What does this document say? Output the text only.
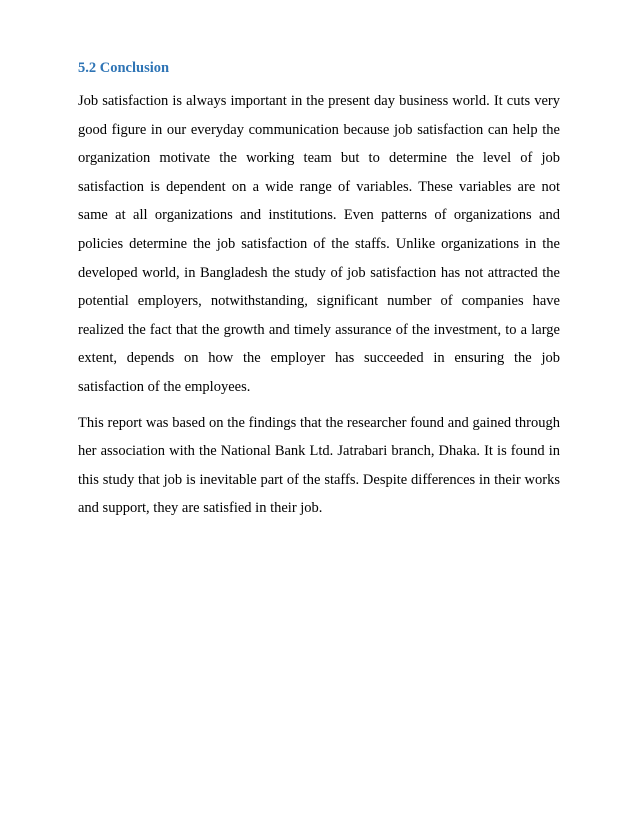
5.2 Conclusion

Job satisfaction is always important in the present day business world. It cuts very good figure in our everyday communication because job satisfaction can help the organization motivate the working team but to determine the level of job satisfaction is dependent on a wide range of variables. These variables are not same at all organizations and institutions. Even patterns of organizations and policies determine the job satisfaction of the staffs. Unlike organizations in the developed world, in Bangladesh the study of job satisfaction has not attracted the potential employers, notwithstanding, significant number of companies have realized the fact that the growth and timely assurance of the investment, to a large extent, depends on how the employer has succeeded in ensuring the job satisfaction of the employees.

This report was based on the findings that the researcher found and gained through her association with the National Bank Ltd. Jatrabari branch, Dhaka. It is found in this study that job is inevitable part of the staffs. Despite differences in their works and support, they are satisfied in their job.
